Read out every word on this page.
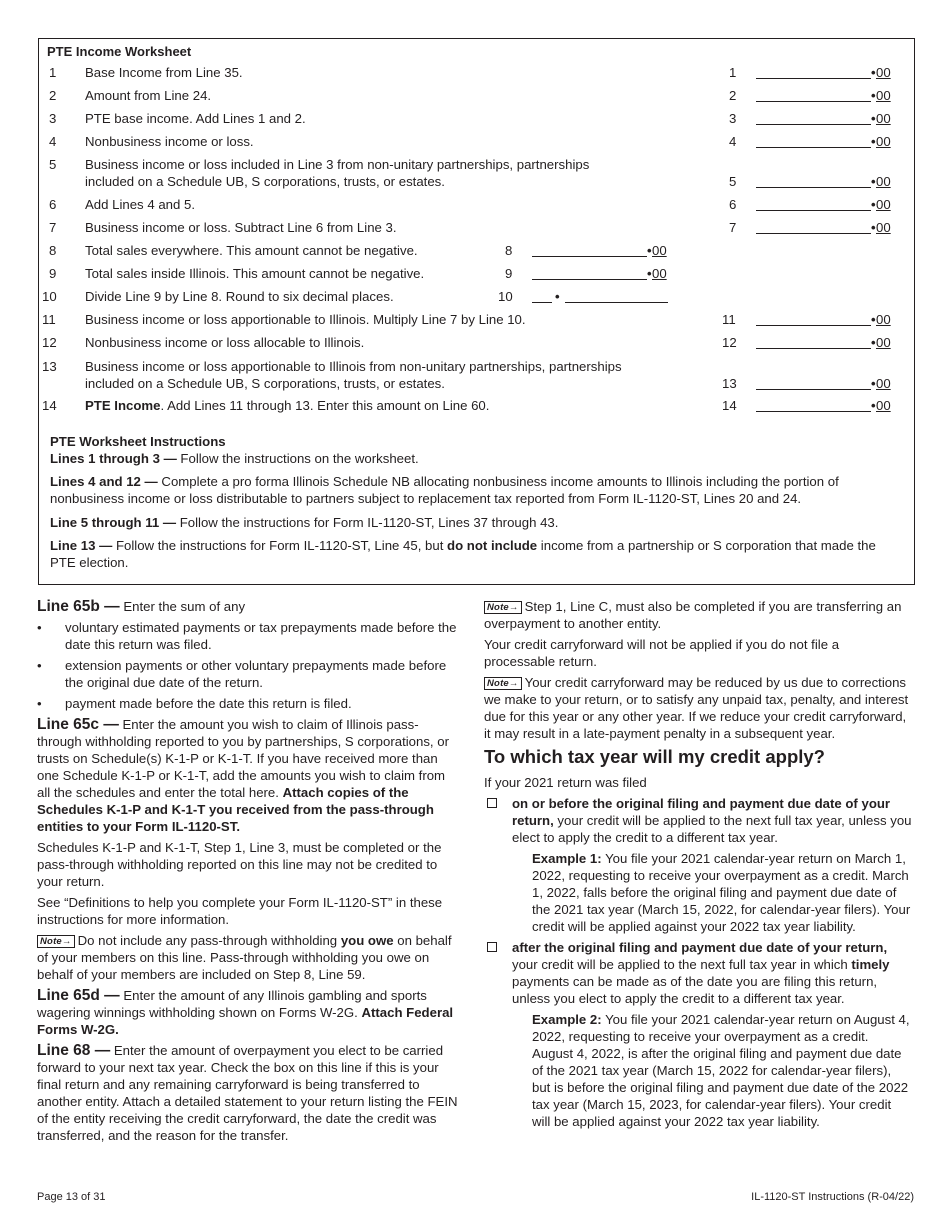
PTE Income Worksheet
1 Base Income from Line 35.	1	• 00
2 Amount from Line 24.	2	• 00
3 PTE base income. Add Lines 1 and 2.	3	• 00
4 Nonbusiness income or loss.	4	• 00
5 Business income or loss included in Line 3 from non-unitary partnerships, partnerships
included on a Schedule UB, S corporations, trusts, or estates.	5	• 00
6 Add Lines 4 and 5.	6	• 00
7 Business income or loss. Subtract Line 6 from Line 3.	7	• 00
8 Total sales everywhere. This amount cannot be negative.	8	• 00
9 Total sales inside Illinois. This amount cannot be negative.	9	• 00
10 Divide Line 9 by Line 8. Round to six decimal places.	10	•
11 Business income or loss apportionable to Illinois. Multiply Line 7 by Line 10.	11	• 00
12 Nonbusiness income or loss allocable to Illinois.	12	• 00
13 Business income or loss apportionable to Illinois from non-unitary partnerships, partnerships
included on a Schedule UB, S corporations, trusts, or estates.	13	• 00
14 PTE Income. Add Lines 11 through 13. Enter this amount on Line 60.	14	• 00

PTE Worksheet Instructions

Lines 1 through 3 — Follow the instructions on the worksheet.

Lines 4 and 12 — Complete a pro forma Illinois Schedule NB allocating nonbusiness income amounts to Illinois including the portion of nonbusiness income or loss distributable to partners subject to replacement tax reported from Form IL-1120-ST, Lines 20 and 24.

Line 5 through 11 — Follow the instructions for Form IL-1120-ST, Lines 37 through 43.

Line 13 — Follow the instructions for Form IL-1120-ST, Line 45, but do not include income from a partnership or S corporation that made the PTE election.

Line 65b — Enter the sum of any

• voluntary estimated payments or tax prepayments made before the date this return was filed.
• extension payments or other voluntary prepayments made before the original due date of the return.
• payment made before the date this return is filed.

Line 65c — Enter the amount you wish to claim of Illinois pass-through withholding reported to you by partnerships, S corporations, or trusts on Schedule(s) K-1-P or K-1-T. If you have received more than one Schedule K-1-P or K-1-T, add the amounts you wish to claim from all the schedules and enter the total here. Attach copies of the Schedules K-1-P and K-1-T you received from the pass-through entities to your Form IL-1120-ST.

Schedules K-1-P and K-1-T, Step 1, Line 3, must be completed or the pass-through withholding reported on this line may not be credited to your return.

See “Definitions to help you complete your Form IL-1120-ST” in these instructions for more information.

Note→ Do not include any pass-through withholding you owe on behalf of your members on this line. Pass-through withholding you owe on behalf of your members are included on Step 8, Line 59.

Line 65d — Enter the amount of any Illinois gambling and sports wagering winnings withholding shown on Forms W-2G. Attach Federal Forms W-2G.

Line 68 — Enter the amount of overpayment you elect to be carried forward to your next tax year. Check the box on this line if this is your final return and any remaining carryforward is being transferred to another entity. Attach a detailed statement to your return listing the FEIN of the entity receiving the credit carryforward, the date the credit was transferred, and the reason for the transfer.

Note→ Step 1, Line C, must also be completed if you are transferring an overpayment to another entity.

Your credit carryforward will not be applied if you do not file a processable return.

Note→ Your credit carryforward may be reduced by us due to corrections we make to your return, or to satisfy any unpaid tax, penalty, and interest due for this year or any other year. If we reduce your credit carryforward, it may result in a late-payment penalty in a subsequent year.

To which tax year will my credit apply?

If your 2021 return was filed

on or before the original filing and payment due date of your return, your credit will be applied to the next full tax year, unless you elect to apply the credit to a different tax year.

Example 1: You file your 2021 calendar-year return on March 1, 2022, requesting to receive your overpayment as a credit. March 1, 2022, falls before the original filing and payment due date of the 2021 tax year (March 15, 2022, for calendar-year filers). Your credit will be applied against your 2022 tax year liability.

after the original filing and payment due date of your return, your credit will be applied to the next full tax year in which timely payments can be made as of the date you are filing this return, unless you elect to apply the credit to a different tax year.

Example 2: You file your 2021 calendar-year return on August 4, 2022, requesting to receive your overpayment as a credit. August 4, 2022, is after the original filing and payment due date of the 2021 tax year (March 15, 2022 for calendar-year filers), but is before the original filing and payment due date of the 2022 tax year (March 15, 2023, for calendar-year filers). Your credit will be applied against your 2022 tax year liability.

Page 13 of 31	IL-1120-ST Instructions (R-04/22)
